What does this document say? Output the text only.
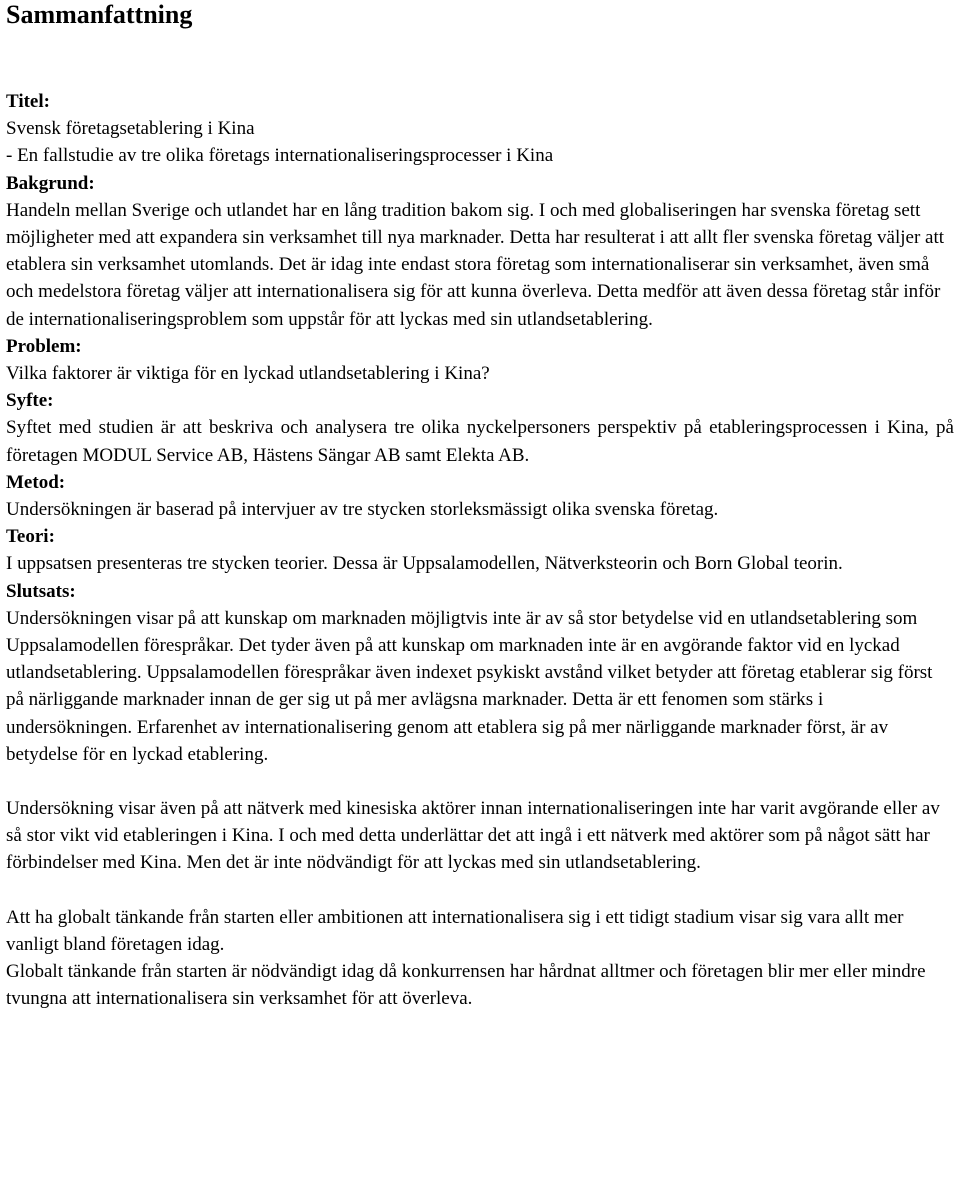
Sammanfattning
Titel:
Svensk företagsetablering i Kina
- En fallstudie av tre olika företags internationaliseringsprocesser i Kina
Bakgrund:

Handeln mellan Sverige och utlandet har en lång tradition bakom sig. I och med globaliseringen har svenska företag sett möjligheter med att expandera sin verksamhet till nya marknader. Detta har resulterat i att allt fler svenska företag väljer att etablera sin verksamhet utomlands. Det är idag inte endast stora företag som internationaliserar sin verksamhet, även små och medelstora företag väljer att internationalisera sig för att kunna överleva. Detta medför att även dessa företag står inför de internationaliseringsproblem som uppstår för att lyckas med sin utlandsetablering.

Problem:

Vilka faktorer är viktiga för en lyckad utlandsetablering i Kina?

Syfte:

Syftet med studien är att beskriva och analysera tre olika nyckelpersoners perspektiv på etableringsprocessen i Kina, på företagen MODUL Service AB, Hästens Sängar AB samt Elekta AB.

Metod:

Undersökningen är baserad på intervjuer av tre stycken storleksmässigt olika svenska företag.

Teori:

I uppsatsen presenteras tre stycken teorier. Dessa är Uppsalamodellen, Nätverksteorin och Born Global teorin.

Slutsats:

Undersökningen visar på att kunskap om marknaden möjligtvis inte är av så stor betydelse vid en utlandsetablering som Uppsalamodellen förespråkar. Det tyder även på att kunskap om marknaden inte är en avgörande faktor vid en lyckad utlandsetablering. Uppsalamodellen förespråkar även indexet psykiskt avstånd vilket betyder att företag etablerar sig först på närliggande marknader innan de ger sig ut på mer avlägsna marknader. Detta är ett fenomen som stärks i undersökningen. Erfarenhet av internationalisering genom att etablera sig på mer närliggande marknader först, är av betydelse för en lyckad etablering.

Undersökning visar även på att nätverk med kinesiska aktörer innan internationaliseringen inte har varit avgörande eller av så stor vikt vid etableringen i Kina. I och med detta underlättar det att ingå i ett nätverk med aktörer som på något sätt har förbindelser med Kina. Men det är inte nödvändigt för att lyckas med sin utlandsetablering.

Att ha globalt tänkande från starten eller ambitionen att internationalisera sig i ett tidigt stadium visar sig vara allt mer vanligt bland företagen idag.

Globalt tänkande från starten är nödvändigt idag då konkurrensen har hårdnat alltmer och företagen blir mer eller mindre tvungna att internationalisera sin verksamhet för att överleva.
